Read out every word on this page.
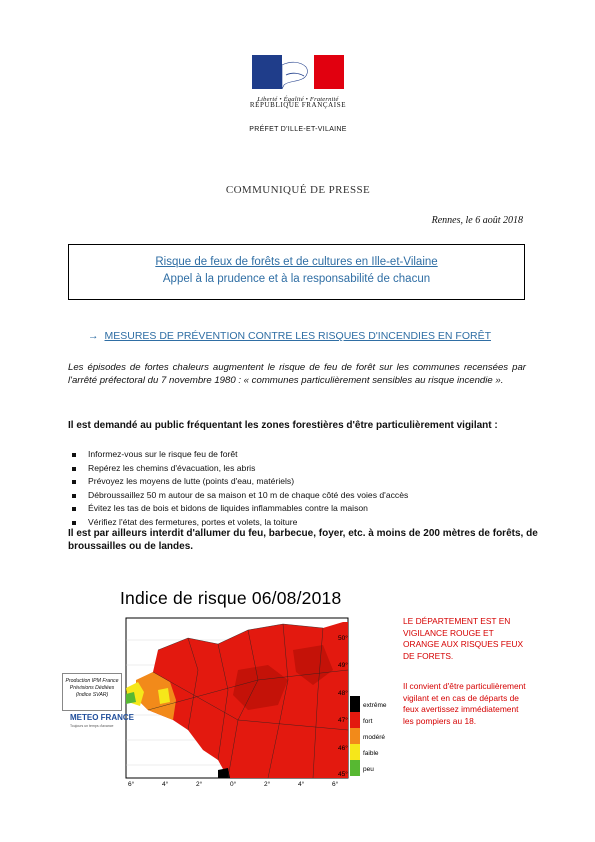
Liberté • Égalité • Fraternité
RÉPUBLIQUE FRANÇAISE
PRÉFET D'ILLE-ET-VILAINE
COMMUNIQUÉ DE PRESSE
Rennes, le 6 août 2018
Risque de feux de forêts et de cultures en Ille-et-Vilaine
Appel à la prudence et à la responsabilité de chacun
→ MESURES DE PRÉVENTION CONTRE LES RISQUES D'INCENDIES EN FORÊT
Les épisodes de fortes chaleurs augmentent le risque de feu de forêt sur les communes recensées par l'arrêté préfectoral du 7 novembre 1980 : « communes particulièrement sensibles au risque incendie ».
Il est demandé au public fréquentant les zones forestières d'être particulièrement vigilant :
Informez-vous sur le risque feu de forêt
Repérez les chemins d'évacuation, les abris
Prévoyez les moyens de lutte (points d'eau, matériels)
Débroussaillez 50 m autour de sa maison et 10 m de chaque côté des voies d'accès
Évitez les tas de bois et bidons de liquides inflammables contre la maison
Vérifiez l'état des fermetures, portes et volets, la toiture
Il est par ailleurs interdit d'allumer du feu, barbecue, foyer, etc. à moins de 200 mètres de forêts, de broussailles ou de landes.
Indice de risque 06/08/2018
50°
49°
48°
47°
46°
45°
6°	4°	2°	0°	2°	4°	6°
extrême
fort
modéré
faible
peu
Production IPM France
Prévisions Dédiées (Indice SVAR)
METEO FRANCE
Toujours un temps d'avance
LE DÉPARTEMENT EST EN VIGILANCE ROUGE ET ORANGE AUX RISQUES FEUX DE FORETS.
Il convient d'être particulièrement vigilant et en cas de départs de feux avertissez immédiatement les pompiers au 18.
